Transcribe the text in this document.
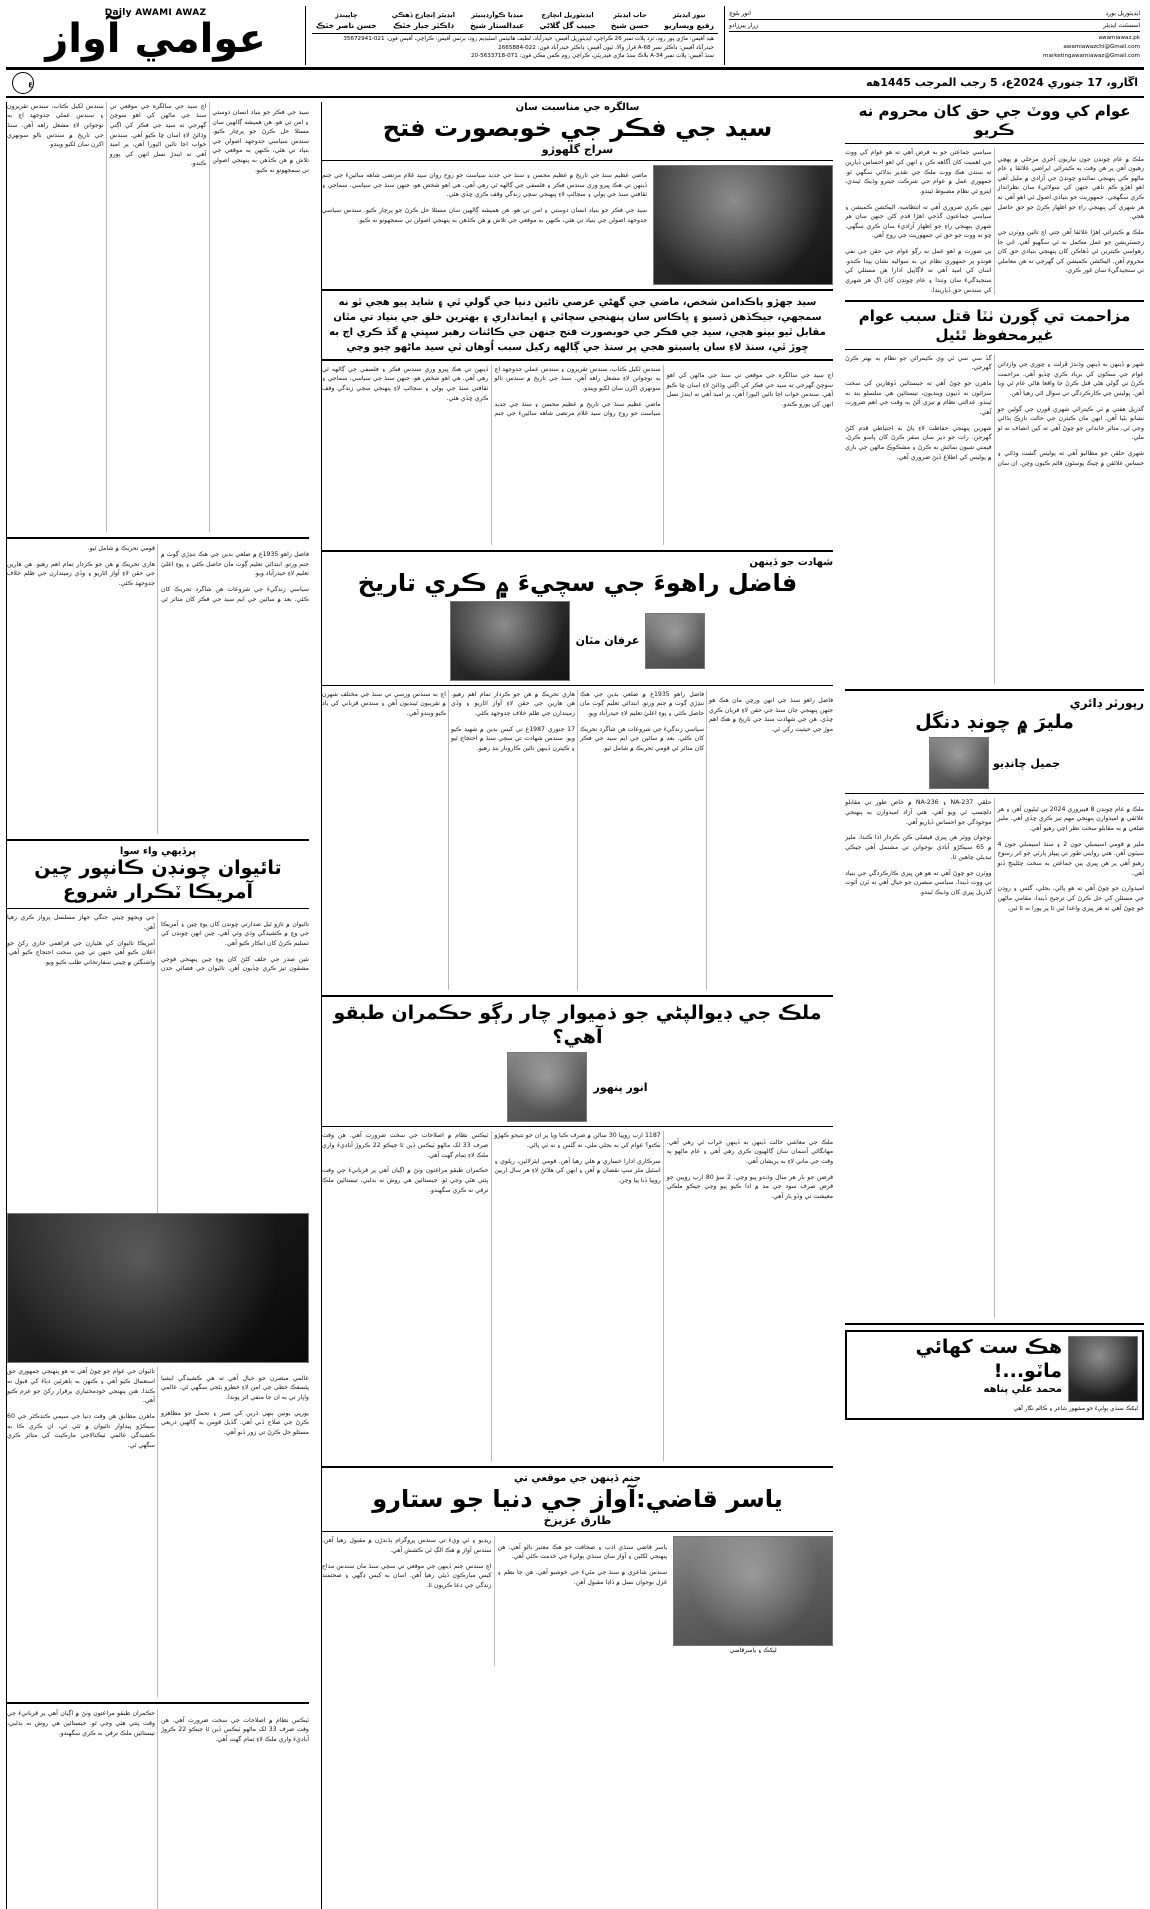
ايڊيٽوريل بورڊ
انور بلوچ
اسسٽنٽ ايڊيٽر
زرار پيرزادو
awamiawaz.pk
awamiawazchi@Gmail.com
marketingawamiawaz@Gmail.com
نيوز ايڊيٽر
رفيع ويساريو
جاب ايڊيٽر
حسن شيخ
ايڊيٽوريل انچارج
حبيب گل گلاڻي
ميڊيا ڪوآرڊينيٽر
عبدالستار شيخ
ايڊيٽر اِنچارج ڏهڪي
ڊاڪٽر جبار خٽڪ
ڇاپيندڙ
حسن ناصر خٽڪ
هيڊ آفيس: ماڙي پور روڊ، نزد پلاٽ نمبر 26 ڪراچي، ايڊيٽوريل آفيس: حيدرآباد، لطيف هائيٽس اسٽيڊيم روڊ، بزنس آفيس: ڪراچي، آفيس فون: 021-35672941
حيدرآباد آفيس: ڊاڪٽر نمبر A-68 قرار والا، ٽيون آفيس: ڊاڪٽر حيدرآباد فون: 022-2665884
سنڌ آفيس: پلاٽ نمبر A-34 بلاڪ سنڌ ماڙي فيڊريٽي، ڪراچي روم ڪمن مڪي فون: 071-5633718-20
Daily AWAMI AWAZ
عوامي آواز
اڱارو، 17 جنوري 2024ع، 5 رجب المرجب 1445هه
ع
عوام کي ووٽ جي حق کان محروم نه ڪريو

ملڪ ۾ عام چونڊن جون تياريون آخري مرحلي ۾ پهچي رهيون آهن پر هن وقت به ڪيترائي ايراضي علائقا ۽ عام ماڻهو ڪي پنهنجي نمائندو چونڊڻ جي آزادي ۾ مليل آهي اهو اهڙو ڪم ناهي جنهن کي سولائيءَ سان نظرانداز ڪري سگهجي. جمهوريت جو بنيادي اصول ئي اهو آهي ته هر شهري کي پنهنجي راءِ جو اظهار ڪرڻ جو حق حاصل هجي.

ملڪ ۾ ڪيترائي اهڙا علائقا آهن جتي اڄ تائين ووٽرن جي رجسٽريشن جو عمل مڪمل نه ٿي سگهيو آهي. اتي جا رهواسي ڪيترين ئي ڏهاڪن کان پنهنجي بنيادي حق کان محروم آهن. اليڪشن ڪميشن کي گهرجي ته هن معاملي تي سنجيدگيءَ سان غور ڪري.

سياسي جماعتن جو به فرض آهي ته هو عوام کي ووٽ جي اهميت کان آگاهه ڪن ۽ انهن کي اهو احساس ڏيارين ته سندن هڪ ووٽ ملڪ جي تقدير بدلائي سگهي ٿو. جمهوري عمل ۾ عوام جي شرڪت جيترو وڌيڪ ٿيندي، ايترو ئي نظام مضبوط ٿيندو.

تنهن ڪري ضروري آهي ته انتظاميه، اليڪشن ڪميشن ۽ سياسي جماعتون گڏجي اهڙا قدم کڻن جنهن سان هر شهري پنهنجي راءِ جو اظهار آزاديءَ سان ڪري سگهي. ڇو ته ووٽ جو حق ئي جمهوريت جي روح آهي.

ٻي صورت ۾ اهو عمل نه رڳو عوام جي حقن جي نفي هوندو پر جمهوري نظام تي به سواليه نشان پيدا ڪندو. اسان کي اميد آهي ته لاڳاپيل ادارا هن مسئلي کي سنجيدگيءَ سان وٺندا ۽ عام چونڊن کان اڳ هر شهري کي سندس حق ڏياريندا.

مزاحمت تي ڳورن ٺٽا قتل سبب عوام غيرمحفوظ ٿئيل

شهر ۾ ڏينهن به ڏينهن وڌندڙ ڦرلٽ ۽ چوري جي وارداتن عوام جي سڪون کي برباد ڪري ڇڏيو آهي. مزاحمت ڪرڻ تي گولي هڻي قتل ڪرڻ جا واقعا هاڻي عام ٿي ويا آهن. پوليس جي ڪارڪردگي تي سوال اٿي رهيا آهن.

گذريل هفتي ۾ ئي ڪيترائي شهري ڦورن جي گولين جو نشانو بڻيا آهن. انهن مان ڪيترن جي حالت نازڪ ٻڌائي وڃي ٿي. متاثر خاندانن جو چوڻ آهي ته کين انصاف نه ٿو ملي.

شهري حلقن جو مطالبو آهي ته پوليس گشت وڌائي ۽ حساس علائقن ۾ چيڪ پوسٽون قائم ڪيون وڃن. ان سان گڏ سي سي ٽي وي ڪيمرائن جو نظام به بهتر ڪرڻ گهرجي.

ماهرن جو چوڻ آهي ته جيستائين ڏوهارين کي سخت سزائون نه ڏنيون وينديون، تيستائين هي سلسلو بند نه ٿيندو. عدالتي نظام ۾ تيزي آڻڻ به وقت جي اهم ضرورت آهي.

شهرين پنهنجي حفاظت لاءِ پاڻ به احتياطي قدم کڻڻ گهرجن. رات جو دير سان سفر ڪرڻ کان پاسو ڪرڻ، قيمتي شيون نمائش نه ڪرڻ ۽ مشڪوڪ ماڻهن جي باري ۾ پوليس کي اطلاع ڏيڻ ضروري آهي.

رپورٽر ڊائري
مليرَ ۾ چونڊ دنگل
جميل چانڊيو

ملڪ ۾ عام چونڊن 8 فيبروري 2024 تي ٿيڻيون آهن ۽ هر علائقي ۾ اميدوارن پنهنجي مهم تيز ڪري ڇڏي آهي. ملير ضلعي ۾ به مقابلو سخت نظر اچي رهيو آهي.

ملير ۾ قومي اسيمبلي جون 2 ۽ سنڌ اسيمبلي جون 4 سيٽون آهن. هتي روايتي طور تي پيپلز پارٽي جو اثر رسوخ رهيو آهي پر هن ڀيري ٻين جماعتن به سخت چئلينج ڏنو آهي.

اميدوارن جو چوڻ آهي ته هو پاڻي، بجلي، گئس ۽ روڊن جي مسئلن کي حل ڪرڻ کي ترجيح ڏيندا. مقامي ماڻهن جو چوڻ آهي ته هر ڀيري واعدا ٿين ٿا پر پورا نه ٿا ٿين.

حلقي NA-237 ۽ NA-236 ۾ خاص طور تي مقابلو دلچسپ ٿي ويو آهي. هتي آزاد اميدوارن به پنهنجي موجودگي جو احساس ڏياريو آهي.

نوجوان ووٽر هن ڀيري فيصلي ڪن ڪردار ادا ڪندا. ملير ۾ 65 سيڪڙو آبادي نوجوانن تي مشتمل آهي جيڪي تبديلي چاهين ٿا.

ووٽرن جو چوڻ آهي ته هو هن ڀيري ڪارڪردگي جي بنياد تي ووٽ ڏيندا. سياسي مبصرن جو خيال آهي ته ٽرن آئوٽ گذريل ڀيري کان وڌيڪ ٿيندو.

هڪ ست کھائي
ماٽو...!
محمد علي پناهه
ليکڪ سنڌي ٻوليءَ جو مشهور شاعر ۽ ڪالم نگار آهي
سالگره جي مناسبت سان
سيد جي فڪر جي خوبصورت فتح
سراج گلهوڙو

ماضي عظيم سنڌ جي تاريخ ۾ عظيم محسن ۽ سنڌ جي جديد سياست جو روح روان سيد غلام مرتضى شاهه سائينءَ جي جنم ڏينهن تي هڪ ڀيرو وري سندس فڪر ۽ فلسفي جي ڳالهه ٿي رهي آهي. هي اهو شخص هو، جنهن سنڌ جي سياسي، سماجي ۽ ثقافتي سنڌ جي ٻولي ۽ سڃاڻپ لاءِ پنهنجي سڄي زندگي وقف ڪري ڇڏي هئي.

سيد جي فڪر جو بنياد انسان دوستي ۽ امن تي هو. هن هميشه ڳالهين سان مسئلا حل ڪرڻ جو پرچار ڪيو. سندس سياسي جدوجهد اصولن جي بنياد تي هئي، ڪنهن به موقعي جي تلاش ۾ هن ڪڏهن به پنهنجي اصولن تي سمجهوتو نه ڪيو.

سيد جهڙو پاڪدامن شخص، ماضي جي گهڻي عرصي تائين دنيا جي گولي ٿي ۽ شايد پيو هجي ٿو نه سمجهي، جيڪڏهن ڏسبو ۽ ڀاڪاس سان پنهنجي سچائي ۽ ايمانداري ۽ بهترين خلق جي بنياد تي مٿان مقابل ٿيو بيٺو هجي، سيد جي فڪر جي خوبصورت فتح جنهن جي ڪائنات رهبر سڀني ۾ گڏ ڪري اڄ به ڇوڙ ٿي، سنڌ لاءِ سان ياسبتو هجي پر سنڌ جي ڳالهه رکيل سبب اُوهان ٿي سيد ماڻهو چيو وڃي

اڄ سيد جي سالگره جي موقعي تي سنڌ جي ماڻهن کي اهو سوچڻ گهرجي ته سيد جي فڪر کي اڳتي وڌائڻ لاءِ اسان ڇا ڪيو آهي. سندس خواب اڃا تائين اڻپورا آهن، پر اميد آهي ته ايندڙ نسل انهن کي پورو ڪندو.

سندس لکيل ڪتاب، سندس تقريرون ۽ سندس عملي جدوجهد اڄ به نوجوانن لاءِ مشعل راهه آهن. سنڌ جي تاريخ ۾ سندس نالو سونهري اکرن سان لکيو ويندو.

ماضي عظيم سنڌ جي تاريخ ۾ عظيم محسن ۽ سنڌ جي جديد سياست جو روح روان سيد غلام مرتضى شاهه سائينءَ جي جنم ڏينهن تي هڪ ڀيرو وري سندس فڪر ۽ فلسفي جي ڳالهه ٿي رهي آهي. هي اهو شخص هو، جنهن سنڌ جي سياسي، سماجي ۽ ثقافتي سنڌ جي ٻولي ۽ سڃاڻپ لاءِ پنهنجي سڄي زندگي وقف ڪري ڇڏي هئي.

شهادت جو ڏينهن
فاضل راهوءَ جي سچيءَ ۾ ڪري تاريخ
عرفان مٽان

فاضل راهو سنڌ جي انهن ورڇن مان هڪ هو جنهن پنهنجي جان سنڌ جي حقن لاءِ قربان ڪري ڇڏي. هن جي شهادت سنڌ جي تاريخ ۾ هڪ اهم موڙ جي حيثيت رکي ٿي.

فاضل راهو 1935ع ۾ ضلعي بدين جي هڪ ننڍڙي ڳوٺ ۾ جنم ورتو. ابتدائي تعليم ڳوٺ مان حاصل ڪئي ۽ پوءِ اعليٰ تعليم لاءِ حيدرآباد ويو.

سياسي زندگيءَ جي شروعات هن شاگرد تحريڪ کان ڪئي. بعد ۾ سائين جي ايم سيد جي فڪر کان متاثر ٿي قومي تحريڪ ۾ شامل ٿيو.

هاري تحريڪ ۾ هن جو ڪردار تمام اهم رهيو. هن هارين جي حقن لاءِ آواز اٿاريو ۽ وڏي زميندارن جي ظلم خلاف جدوجهد ڪئي.

17 جنوري 1987ع تي کيس بدين ۾ شهيد ڪيو ويو. سندس شهادت تي سڄي سنڌ ۾ احتجاج ٿيو ۽ ڪيترن ڏينهن تائين ڪاروبار بند رهيو.

اڄ به سندس ورسي تي سنڌ جي مختلف شهرن ۾ تقريبون ٿينديون آهن ۽ سندس قرباني کي ياد ڪيو ويندو آهي.

ملڪ جي ڊيوالپڻي جو ذميوار چار رڳو حڪمران طبقو آهي؟
انور پنهور

ملڪ جي معاشي حالت ڏينهن به ڏينهن خراب ٿي رهي آهي. مهانگائي آسمان سان ڳالهيون ڪري رهي آهي ۽ عام ماڻهو ٻه وقت جي ماني لاءِ به پريشان آهي.

قرضن جو بار هر سال وڌندو پيو وڃي. 2 سؤ 80 ارب روپين جو قرض صرف سود جي مد ۾ ادا ڪيو پيو وڃي جيڪو ملڪي معيشت تي وڏو بار آهي.

1187 ارب روپيا 30 سالن ۾ صرف ڪيا ويا پر ان جو نتيجو ڪهڙو نڪتو؟ عوام کي نه بجلي ملي، نه گئس ۽ نه ئي پاڻي.

سرڪاري ادارا خساري ۾ هلي رهيا آهن. قومي ايئرلائين، ريلوي ۽ اسٽيل ملز سڀ نقصان ۾ آهن ۽ انهن کي هلائڻ لاءِ هر سال اربين روپيا ڏنا پيا وڃن.

ٽيڪس نظام ۾ اصلاحات جي سخت ضرورت آهي. هن وقت صرف 33 لک ماڻهو ٽيڪس ڏين ٿا جيڪو 22 ڪروڙ آباديءَ واري ملڪ لاءِ تمام گهٽ آهي.

حڪمران طبقو مراعتون وٺڻ ۾ اڳيان آهي پر قربانيءَ جي وقت پٺتي هٽي وڃي ٿو. جيستائين هي روش نه بدلبي، تيستائين ملڪ ترقي نه ڪري سگهندو.

جنم ڏينهن جي موقعي تي
ياسر قاضي:آواز جي دنيا جو ستارو
طارق عزيزخ
ليکڪ ۽ ياسرقاضي

ياسر قاضي سنڌي ادب ۽ صحافت جو هڪ معتبر نالو آهي. هن پنهنجي لکڻين ۽ آواز سان سنڌي ٻوليءَ جي خدمت ڪئي آهي.

سندس شاعري ۾ سنڌ جي مٽيءَ جي خوشبو آهي. هن جا نظم ۽ غزل نوجوان نسل ۾ ڏاڍا مقبول آهن.

ريڊيو ۽ ٽي ويءَ تي سندس پروگرام ٻڌندڙن ۾ مقبول رهيا آهن. سندس آواز ۾ هڪ الڳ ئي ڪشش آهي.

اڄ سندس جنم ڏينهن جي موقعي تي سڄي سنڌ مان سندس مداح کيس مبارڪون ڏيئي رهيا آهن. اسان به کيس ڊگهي ۽ صحتمند زندگي جي دعا ڪريون ٿا.

سيد جي فڪر جو بنياد انسان دوستي ۽ امن تي هو. هن هميشه ڳالهين سان مسئلا حل ڪرڻ جو پرچار ڪيو. سندس سياسي جدوجهد اصولن جي بنياد تي هئي، ڪنهن به موقعي جي تلاش ۾ هن ڪڏهن به پنهنجي اصولن تي سمجهوتو نه ڪيو.

اڄ سيد جي سالگره جي موقعي تي سنڌ جي ماڻهن کي اهو سوچڻ گهرجي ته سيد جي فڪر کي اڳتي وڌائڻ لاءِ اسان ڇا ڪيو آهي. سندس خواب اڃا تائين اڻپورا آهن، پر اميد آهي ته ايندڙ نسل انهن کي پورو ڪندو.

سندس لکيل ڪتاب، سندس تقريرون ۽ سندس عملي جدوجهد اڄ به نوجوانن لاءِ مشعل راهه آهن. سنڌ جي تاريخ ۾ سندس نالو سونهري اکرن سان لکيو ويندو.

فاضل راهو 1935ع ۾ ضلعي بدين جي هڪ ننڍڙي ڳوٺ ۾ جنم ورتو. ابتدائي تعليم ڳوٺ مان حاصل ڪئي ۽ پوءِ اعليٰ تعليم لاءِ حيدرآباد ويو.

سياسي زندگيءَ جي شروعات هن شاگرد تحريڪ کان ڪئي. بعد ۾ سائين جي ايم سيد جي فڪر کان متاثر ٿي قومي تحريڪ ۾ شامل ٿيو.

هاري تحريڪ ۾ هن جو ڪردار تمام اهم رهيو. هن هارين جي حقن لاءِ آواز اٿاريو ۽ وڏي زميندارن جي ظلم خلاف جدوجهد ڪئي.

پرڏيهي واء سوا
تائيوان چونڊن ڪانپور چين آمريڪا ٽڪرار شروع

تائيوان ۾ تازو ٿيل صدارتي چونڊن کان پوءِ چين ۽ آمريڪا جي وچ ۾ ڪشيدگي وڌي وئي آهي. چين انهن چونڊن کي تسليم ڪرڻ کان انڪار ڪيو آهي.

نئين صدر جي حلف کڻڻ کان پوءِ چين پنهنجي فوجي مشقون تيز ڪري ڇڏيون آهن. تائيوان جي فضائي حدن جي ويجهو چيني جنگي جهاز مسلسل پرواز ڪري رهيا آهن.

آمريڪا تائيوان کي هٿيارن جي فراهمي جاري رکڻ جو اعلان ڪيو آهي جنهن تي چين سخت احتجاج ڪيو آهي. واشنگٽن ۾ چيني سفارتخاني طلب ڪيو ويو.

عالمي مبصرن جو خيال آهي ته هي ڪشيدگي ايشيا پئسفڪ خطي جي امن لاءِ خطرو بڻجي سگهي ٿي. عالمي واپار تي به ان جا منفي اثر پوندا.

يورپي يونين ٻنهي ڌرين کي صبر ۽ تحمل جو مظاهرو ڪرڻ جي صلاح ڏني آهي. گڏيل قومن به ڳالهين ذريعي مسئلو حل ڪرڻ تي زور ڏنو آهي.

تائيوان جي عوام جو چوڻ آهي ته هو پنهنجي جمهوري حق استعمال ڪيو آهي ۽ ڪنهن به ٻاهرئين دٻاءَ کي قبول نه ڪندا. هنن پنهنجي خودمختياري برقرار رکڻ جو عزم ڪيو آهي.

ماهرن مطابق هن وقت دنيا جي سيمي ڪنڊڪٽر جي 60 سيڪڙو پيداوار تائيوان ۾ ٿئي ٿي، ان ڪري ڪا به ڪشيدگي عالمي ٽيڪنالاجي مارڪيٽ کي متاثر ڪري سگهي ٿي.

ٽيڪس نظام ۾ اصلاحات جي سخت ضرورت آهي. هن وقت صرف 33 لک ماڻهو ٽيڪس ڏين ٿا جيڪو 22 ڪروڙ آباديءَ واري ملڪ لاءِ تمام گهٽ آهي.

حڪمران طبقو مراعتون وٺڻ ۾ اڳيان آهي پر قربانيءَ جي وقت پٺتي هٽي وڃي ٿو. جيستائين هي روش نه بدلبي، تيستائين ملڪ ترقي نه ڪري سگهندو.
